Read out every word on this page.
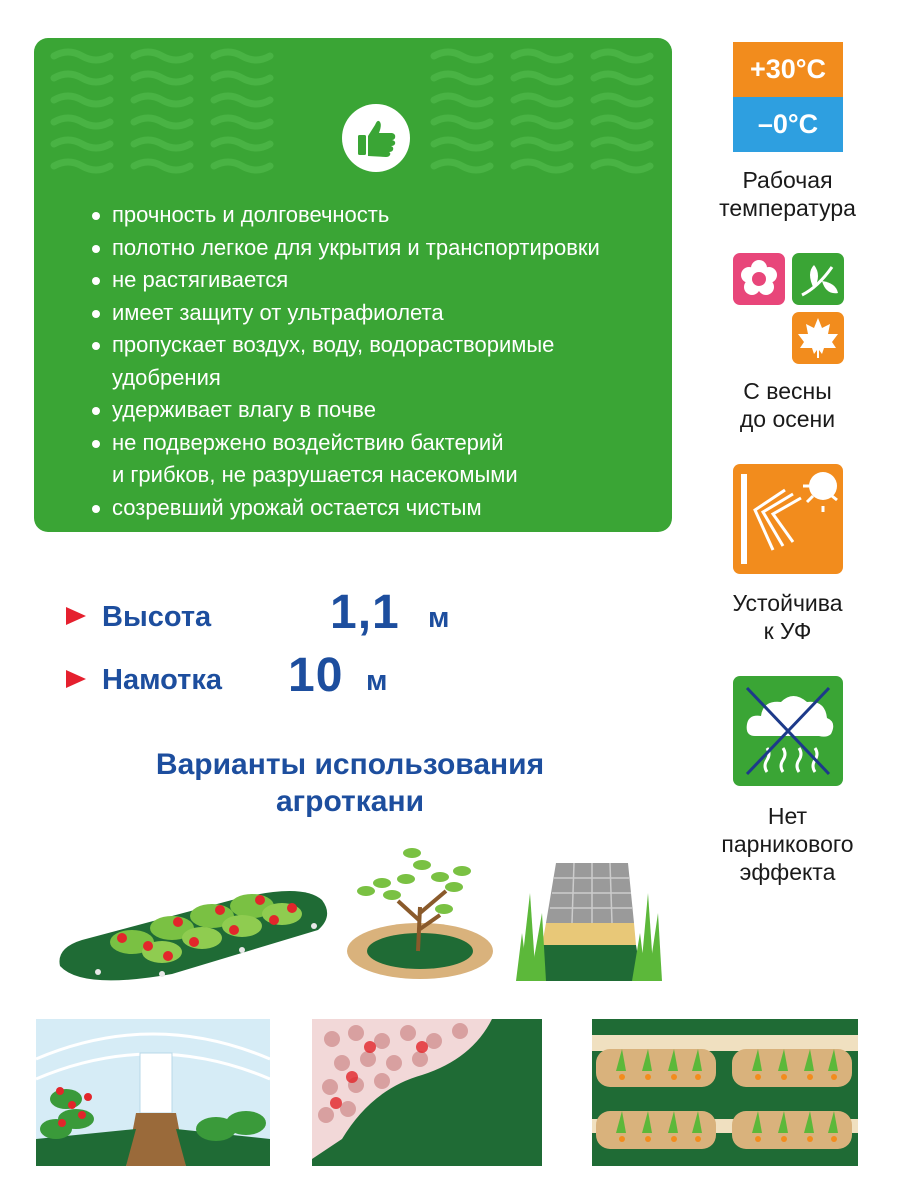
прочность и долговечность
полотно легкое для укрытия и транспортировки
не растягивается
имеет защиту от ультрафиолета
пропускает воздух, воду, водорастворимые
удобрения
удерживает влагу в почве
не подвержено воздействию бактерий
и грибков, не разрушается насекомыми
созревший урожай остается чистым
и сухим на поверхности полотна
Высота 1,1 м
Намотка 10 м
Варианты использования
агроткани
+30°C
–0°C
Рабочая
температура
С весны
до осени
Устойчива
к УФ
Нет
парникового
эффекта
